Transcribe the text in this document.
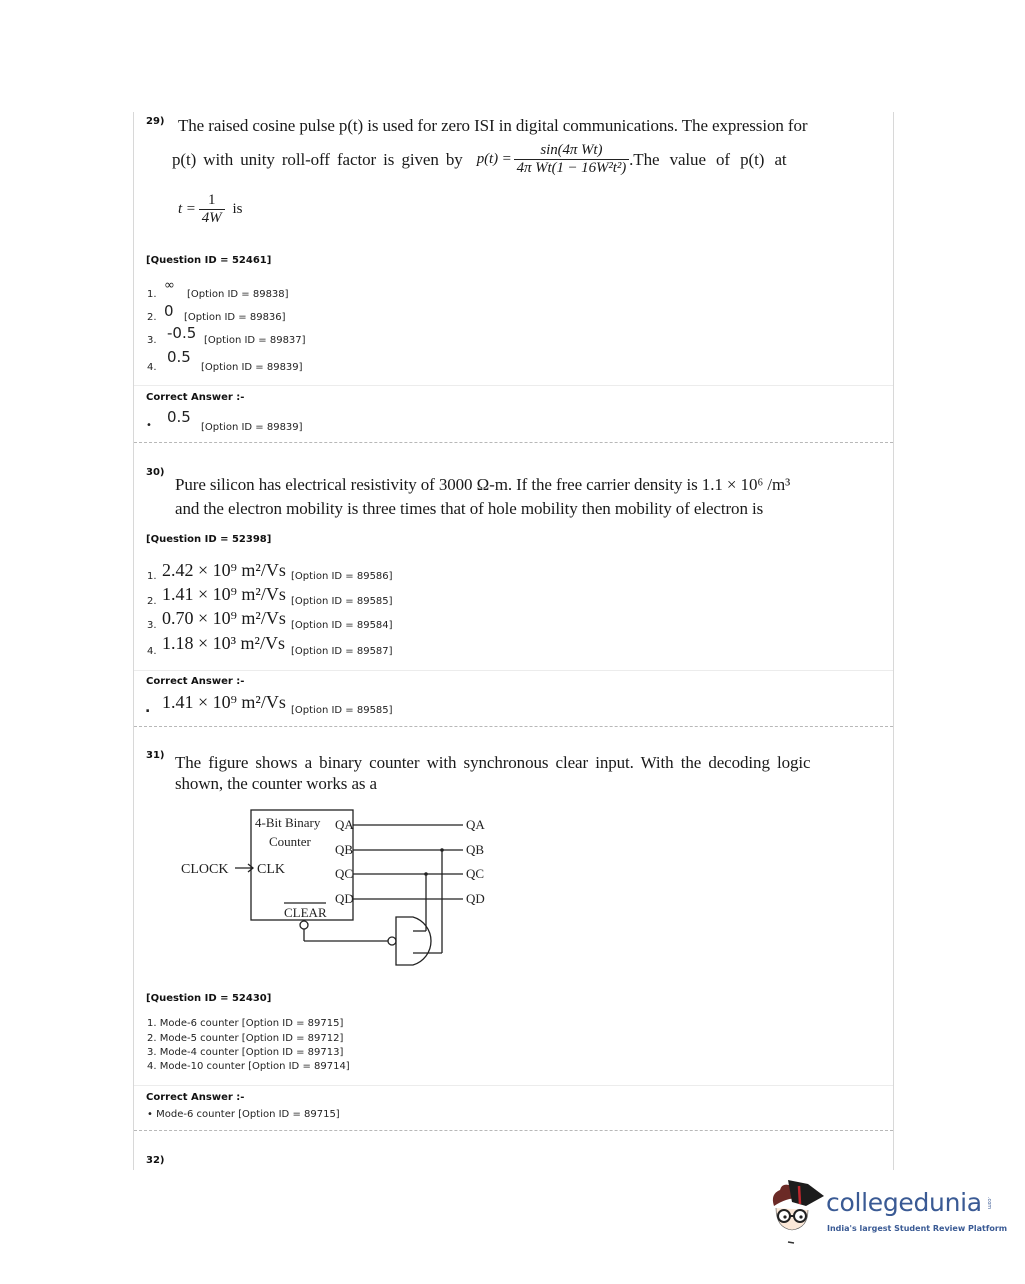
29) The raised cosine pulse p(t) is used for zero ISI in digital communications. The expression for
p(t) with unity roll-off factor is given by $p(t) = \frac{\text{sin(4π Wt)}}{\text{4π Wt(1 − 16W²t²)}} .The$ value of p(t) at
$t = \frac{1}{4W}$ is
[Question ID = 52461]
1.
∞
[Option ID = 89838]
2. 0 [Option ID = 89836]
3. -0.5 [Option ID = 89837]
4.
0.5
[Option ID = 89839]
Correct Answer :-
• 0.5
[Option ID = 89839]
30)
Pure silicon has electrical resistivity of 3000 Ω-m. If the free carrier density is 1.1 × 10⁶ /m³
and the electron mobility is three times that of hole mobility then mobility of electron is
[Question ID = 52398]
1. 2.42 × 10⁹ m²/Vs [Option ID = 89586]
2. 1.41 × 10⁹ m²/Vs [Option ID = 89585]
3. 0.70 × 10⁹ m²/Vs [Option ID = 89584]
4. 1.18 × 10³ m²/Vs [Option ID = 89587]
Correct Answer :-
. 1.41 × 10⁹ m²/Vs [Option ID = 89585]
31) The figure shows a binary counter with synchronous clear input. With the decoding logic
shown, the counter works as a
4-Bit Binary
Counter
CLOCK CLK
CLEAR
QA
QB
QC
QD
QA
QB
QC
QD
[Question ID = 52430]
1. Mode-6 counter [Option ID = 89715]
2. Mode-5 counter [Option ID = 89712]
3. Mode-4 counter [Option ID = 89713]
4. Mode-10 counter [Option ID = 89714]
Correct Answer :-
• Mode-6 counter [Option ID = 89715]
32)
collegedunia .com
India's largest Student Review Platform
